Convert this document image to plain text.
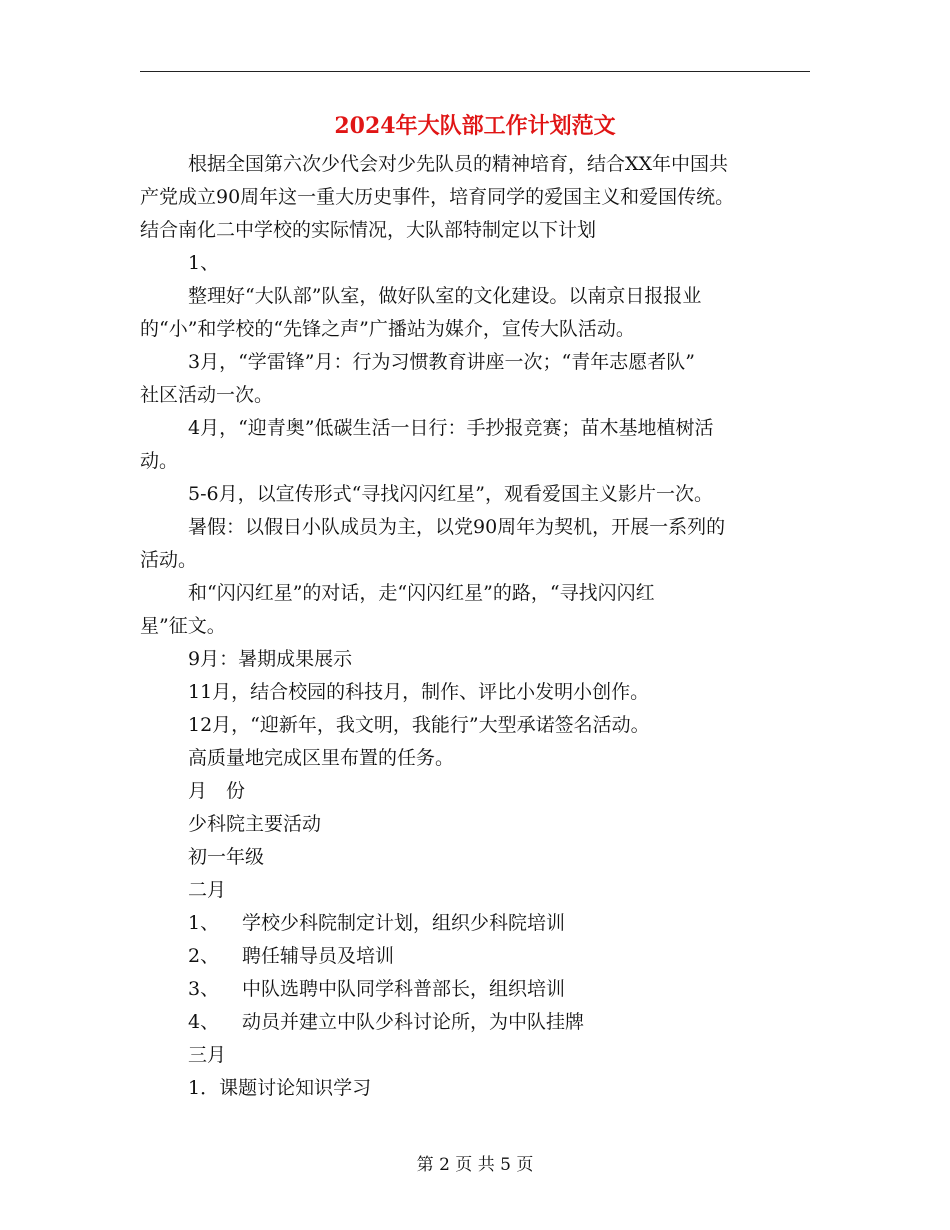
2024年大队部工作计划范文
根据全国第六次少代会对少先队员的精神培育，结合XX年中国共
产党成立90周年这一重大历史事件，培育同学的爱国主义和爱国传统。
结合南化二中学校的实际情况，大队部特制定以下计划
1、
整理好“大队部”队室，做好队室的文化建设。以南京日报报业
的“小”和学校的“先锋之声”广播站为媒介，宣传大队活动。
3月，“学雷锋”月：行为习惯教育讲座一次；“青年志愿者队”
社区活动一次。
4月，“迎青奥”低碳生活一日行：手抄报竞赛；苗木基地植树活
动。
5-6月，以宣传形式“寻找闪闪红星”，观看爱国主义影片一次。
暑假：以假日小队成员为主，以党90周年为契机，开展一系列的
活动。
和“闪闪红星”的对话，走“闪闪红星”的路，“寻找闪闪红
星”征文。
9月：暑期成果展示
11月，结合校园的科技月，制作、评比小发明小创作。
12月，“迎新年，我文明，我能行”大型承诺签名活动。
高质量地完成区里布置的任务。
月　份
少科院主要活动
初一年级
二月
1、 学校少科院制定计划，组织少科院培训
2、 聘任辅导员及培训
3、 中队选聘中队同学科普部长，组织培训
4、 动员并建立中队少科讨论所，为中队挂牌
三月
1．课题讨论知识学习
第 2 页 共 5 页
